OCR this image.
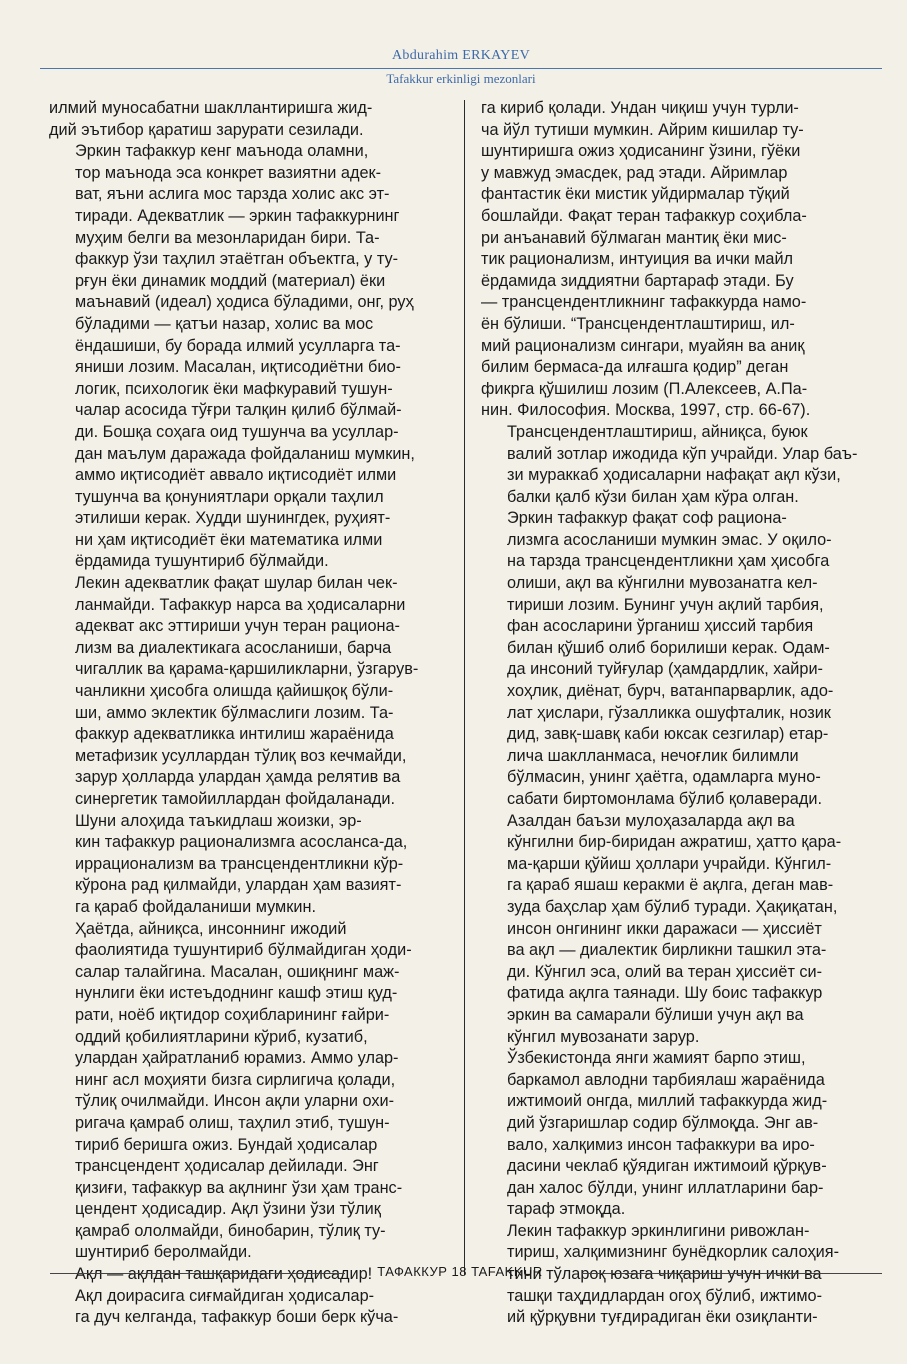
Abdurahim ERKAYEV
Tafakkur erkinligi mezonlari

илмий муносабатни шакллантиришга жид-
дий эътибор қаратиш зарурати сезилади.

Эркин тафаккур кенг маънода оламни,
тор маънода эса конкрет вазиятни адек-
ват, яъни аслига мос тарзда холис акс эт-
тиради. Адекватлик — эркин тафаккурнинг
муҳим белги ва мезонларидан бири. Та-
факкур ўзи таҳлил этаётган объектга, у ту-
рғун ёки динамик моддий (материал) ёки
маънавий (идеал) ҳодиса бўладими, онг, руҳ
бўладими — қатъи назар, холис ва мос
ёндашиши, бу борада илмий усулларга та-
яниши лозим. Масалан, иқтисодиётни био-
логик, психологик ёки мафкуравий тушун-
чалар асосида тўғри талқин қилиб бўлмай-
ди. Бошқа соҳага оид тушунча ва усуллар-
дан маълум даражада фойдаланиш мумкин,
аммо иқтисодиёт аввало иқтисодиёт илми
тушунча ва қонуниятлари орқали таҳлил
этилиши керак. Худди шунингдек, руҳият-
ни ҳам иқтисодиёт ёки математика илми
ёрдамида тушунтириб бўлмайди.

Лекин адекватлик фақат шулар билан чек-
ланмайди. Тафаккур нарса ва ҳодисаларни
адекват акс эттириши учун теран рациона-
лизм ва диалектикага асосланиши, барча
чигаллик ва қарама-қаршиликларни, ўзгарув-
чанликни ҳисобга олишда қайишқоқ бўли-
ши, аммо эклектик бўлмаслиги лозим. Та-
факкур адекватликка интилиш жараёнида
метафизик усуллардан тўлиқ воз кечмайди,
зарур ҳолларда улардан ҳамда релятив ва
синергетик тамойиллардан фойдаланади.

Шуни алоҳида таъкидлаш жоизки, эр-
кин тафаккур рационализмга асосланса-да,
иррационализм ва трансцендентликни кўр-
кўрона рад қилмайди, улардан ҳам вазият-
га қараб фойдаланиши мумкин.

Ҳаётда, айниқса, инсоннинг ижодий
фаолиятида тушунтириб бўлмайдиган ҳоди-
салар талайгина. Масалан, ошиқнинг маж-
нунлиги ёки истеъдоднинг кашф этиш қуд-
рати, ноёб иқтидор соҳибларининг ғайри-
оддий қобилиятларини кўриб, кузатиб,
улардан ҳайратланиб юрамиз. Аммо улар-
нинг асл моҳияти бизга сирлигича қолади,
тўлиқ очилмайди. Инсон ақли уларни охи-
ригача қамраб олиш, таҳлил этиб, тушун-
тириб беришга ожиз. Бундай ҳодисалар
трансцендент ҳодисалар дейилади. Энг
қизиғи, тафаккур ва ақлнинг ўзи ҳам транс-
цендент ҳодисадир. Ақл ўзини ўзи тўлиқ
қамраб ололмайди, бинобарин, тўлиқ ту-
шунтириб беролмайди.

Ақл — ақлдан ташқаридаги ҳодисадир!

Ақл доирасига сиғмайдиган ҳодисалар-
га дуч келганда, тафаккур боши берк кўча-

га кириб қолади. Ундан чиқиш учун турли-
ча йўл тутиши мумкин. Айрим кишилар ту-
шунтиришга ожиз ҳодисанинг ўзини, гўёки
у мавжуд эмасдек, рад этади. Айримлар
фантастик ёки мистик уйдирмалар тўқий
бошлайди. Фақат теран тафаккур соҳибла-
ри анъанавий бўлмаган мантиқ ёки мис-
тик рационализм, интуиция ва ички майл
ёрдамида зиддиятни бартараф этади. Бу
— трансцендентликнинг тафаккурда намо-
ён бўлиши. “Трансцендентлаштириш, ил-
мий рационализм сингари, муайян ва аниқ
билим бермаса-да илғашга қодир” деган
фикрга қўшилиш лозим (П.Алексеев, А.Па-
нин. Философия. Москва, 1997, стр. 66-67).

Трансцендентлаштириш, айниқса, буюк
валий зотлар ижодида кўп учрайди. Улар баъ-
зи мураккаб ҳодисаларни нафақат ақл кўзи,
балки қалб кўзи билан ҳам кўра олган.

Эркин тафаккур фақат соф рациона-
лизмга асосланиши мумкин эмас. У оқило-
на тарзда трансцендентликни ҳам ҳисобга
олиши, ақл ва кўнгилни мувозанатга кел-
тириши лозим. Бунинг учун ақлий тарбия,
фан асосларини ўрганиш ҳиссий тарбия
билан қўшиб олиб борилиши керак. Одам-
да инсоний туйғулар (ҳамдардлик, хайри-
хоҳлик, диёнат, бурч, ватанпарварлик, адо-
лат ҳислари, гўзалликка ошуфталик, нозик
дид, завқ-шавқ каби юксак сезгилар) етар-
лича шаклланмаса, нечоғлик билимли
бўлмасин, унинг ҳаётга, одамларга муно-
сабати биртомонлама бўлиб қолаверади.

Азалдан баъзи мулоҳазаларда ақл ва
кўнгилни бир-биридан ажратиш, ҳатто қара-
ма-қарши қўйиш ҳоллари учрайди. Кўнгил-
га қараб яшаш керакми ё ақлга, деган мав-
зуда баҳслар ҳам бўлиб туради. Ҳақиқатан,
инсон онгининг икки даражаси — ҳиссиёт
ва ақл — диалектик бирликни ташкил эта-
ди. Кўнгил эса, олий ва теран ҳиссиёт си-
фатида ақлга таянади. Шу боис тафаккур
эркин ва самарали бўлиши учун ақл ва
кўнгил мувозанати зарур.

Ўзбекистонда янги жамият барпо этиш,
баркамол авлодни тарбиялаш жараёнида
ижтимоий онгда, миллий тафаккурда жид-
дий ўзгаришлар содир бўлмоқда. Энг ав-
вало, халқимиз инсон тафаккури ва иро-
дасини чеклаб қўядиган ижтимоий қўрқув-
дан халос бўлди, унинг иллатларини бар-
тараф этмоқда.

Лекин тафаккур эркинлигини ривожлан-
тириш, халқимизнинг бунёдкорлик салоҳия-
тини тўлароқ юзага чиқариш учун ички ва
ташқи таҳдидлардан огоҳ бўлиб, ижтимо-
ий қўрқувни туғдирадиган ёки озиқланти-

ТАФАККУР 18 TAFAKKUR
